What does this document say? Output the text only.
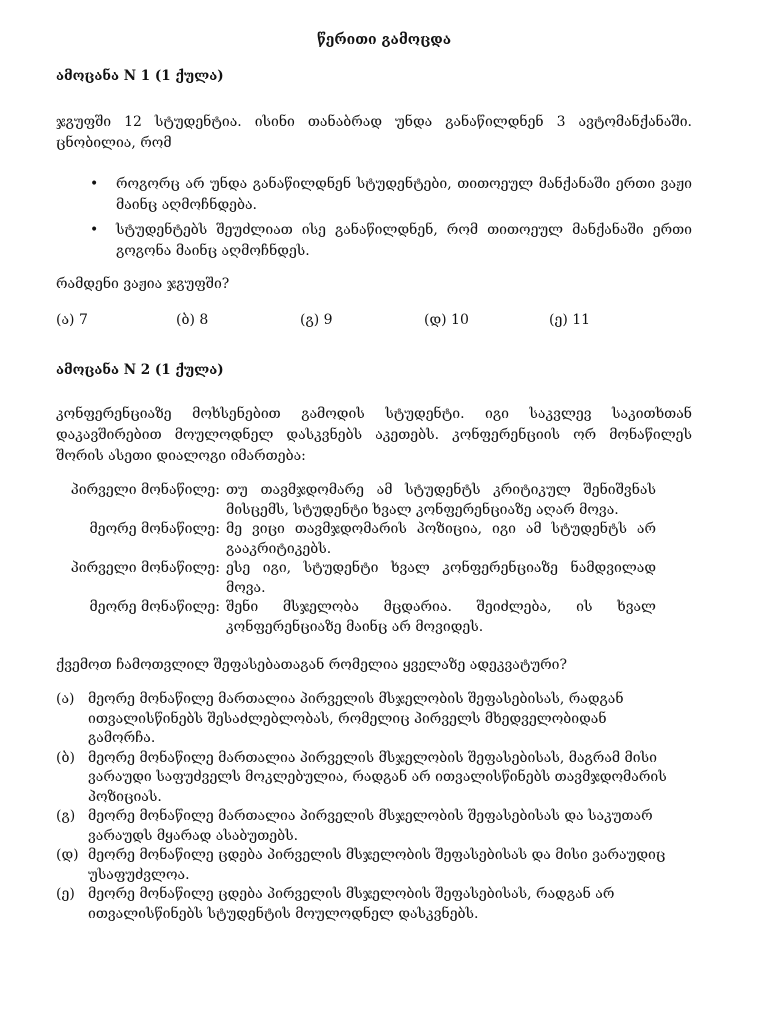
წერითი გამოცდა
ამოცანა N 1 (1 ქულა)
ჯგუფში 12 სტუდენტია. ისინი თანაბრად უნდა განაწილდნენ 3 ავტომანქანაში. ცნობილია, რომ
• როგორც არ უნდა განაწილდნენ სტუდენტები, თითოეულ მანქანაში ერთი ვაჟი მაინც აღმოჩნდება.
• სტუდენტებს შეუძლიათ ისე განაწილდნენ, რომ თითოეულ მანქანაში ერთი გოგონა მაინც აღმოჩნდეს.
რამდენი ვაჟია ჯგუფში?
(ა) 7	(ბ) 8	(გ) 9	(დ) 10	(ე) 11
ამოცანა N 2 (1 ქულა)
კონფერენციაზე მოხსენებით გამოდის სტუდენტი. იგი საკვლევ საკითხთან დაკავშირებით მოულოდნელ დასკვნებს აკეთებს. კონფერენციის ორ მონაწილეს შორის ასეთი დიალოგი იმართება:
პირველი მონაწილე: თუ თავმჯდომარე ამ სტუდენტს კრიტიკულ შენიშვნას მისცემს, სტუდენტი ხვალ კონფერენციაზე აღარ მოვა.
მეორე მონაწილე: მე ვიცი თავმჯდომარის პოზიცია, იგი ამ სტუდენტს არ გააკრიტიკებს.
პირველი მონაწილე: ესე იგი, სტუდენტი ხვალ კონფერენციაზე ნამდვილად მოვა.
მეორე მონაწილე: შენი მსჯელობა მცდარია. შეიძლება, ის ხვალ კონფერენციაზე მაინც არ მოვიდეს.
ქვემოთ ჩამოთვლილ შეფასებათაგან რომელია ყველაზე ადეკვატური?
(ა) მეორე მონაწილე მართალია პირველის მსჯელობის შეფასებისას, რადგან ითვალისწინებს შესაძლებლობას, რომელიც პირველს მხედველობიდან გამორჩა.
(ბ) მეორე მონაწილე მართალია პირველის მსჯელობის შეფასებისას, მაგრამ მისი ვარაუდი საფუძველს მოკლებულია, რადგან არ ითვალისწინებს თავმჯდომარის პოზიციას.
(გ) მეორე მონაწილე მართალია პირველის მსჯელობის შეფასებისას და საკუთარ ვარაუდს მყარად ასაბუთებს.
(დ) მეორე მონაწილე ცდება პირველის მსჯელობის შეფასებისას და მისი ვარაუდიც უსაფუძვლოა.
(ე) მეორე მონაწილე ცდება პირველის მსჯელობის შეფასებისას, რადგან არ ითვალისწინებს სტუდენტის მოულოდნელ დასკვნებს.
